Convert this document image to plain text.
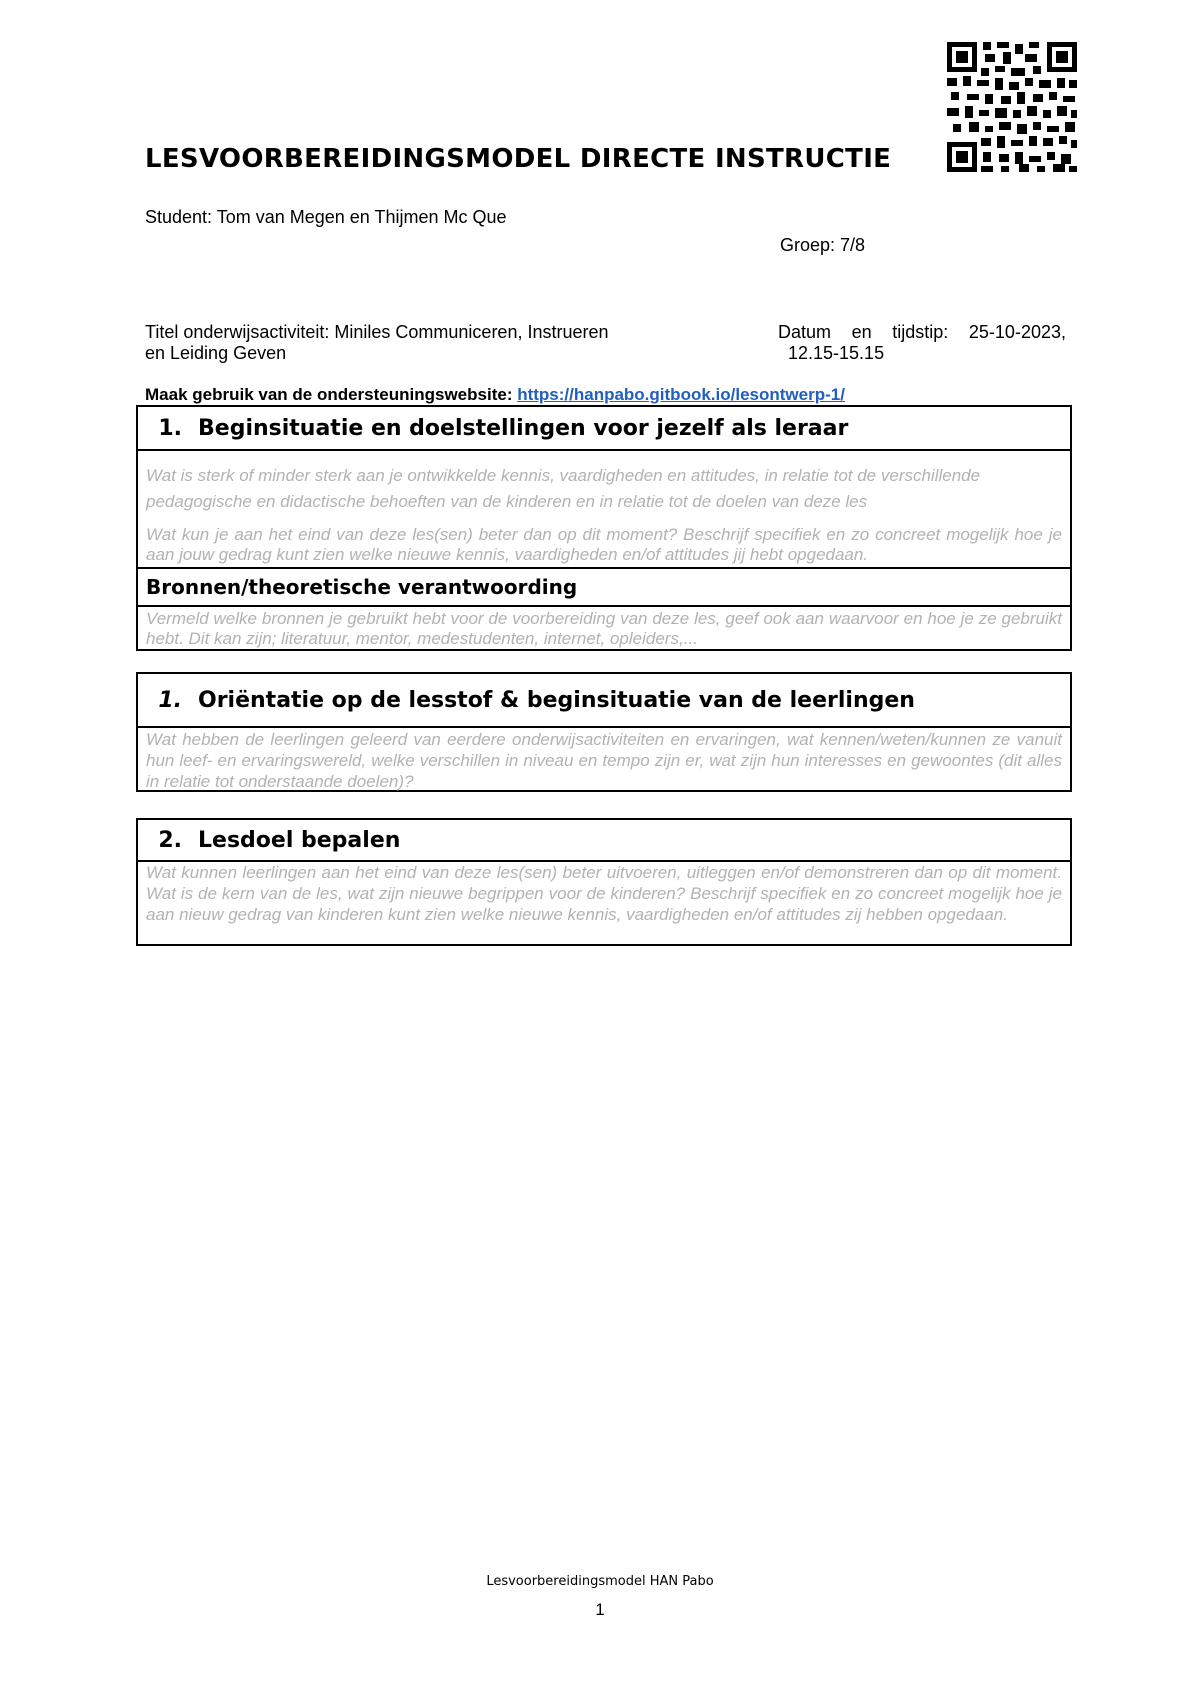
LESVOORBEREIDINGSMODEL DIRECTE INSTRUCTIE
Student: Tom van Megen en Thijmen Mc Que
Groep: 7/8
Titel onderwijsactiviteit: Miniles Communiceren, Instrueren
en Leiding Geven
Datum en tijdstip: 25-10-2023,
12.15-15.15
Maak gebruik van de ondersteuningswebsite: https://hanpabo.gitbook.io/lesontwerp-1/
1. Beginsituatie en doelstellingen voor jezelf als leraar
Wat is sterk of minder sterk aan je ontwikkelde kennis, vaardigheden en attitudes, in relatie tot de verschillende pedagogische en didactische behoeften van de kinderen en in relatie tot de doelen van deze les
Wat kun je aan het eind van deze les(sen) beter dan op dit moment? Beschrijf specifiek en zo concreet mogelijk hoe je aan jouw gedrag kunt zien welke nieuwe kennis, vaardigheden en/of attitudes jij hebt opgedaan.
Bronnen/theoretische verantwoording
Vermeld welke bronnen je gebruikt hebt voor de voorbereiding van deze les, geef ook aan waarvoor en hoe je ze gebruikt hebt. Dit kan zijn; literatuur, mentor, medestudenten, internet, opleiders,...
1. Oriëntatie op de lesstof & beginsituatie van de leerlingen
Wat hebben de leerlingen geleerd van eerdere onderwijsactiviteiten en ervaringen, wat kennen/weten/kunnen ze vanuit hun leef- en ervaringswereld, welke verschillen in niveau en tempo zijn er, wat zijn hun interesses en gewoontes (dit alles in relatie tot onderstaande doelen)?
2. Lesdoel bepalen
Wat kunnen leerlingen aan het eind van deze les(sen) beter uitvoeren, uitleggen en/of demonstreren dan op dit moment. Wat is de kern van de les, wat zijn nieuwe begrippen voor de kinderen? Beschrijf specifiek en zo concreet mogelijk hoe je aan nieuw gedrag van kinderen kunt zien welke nieuwe kennis, vaardigheden en/of attitudes zij hebben opgedaan.
Lesvoorbereidingsmodel HAN Pabo
1
